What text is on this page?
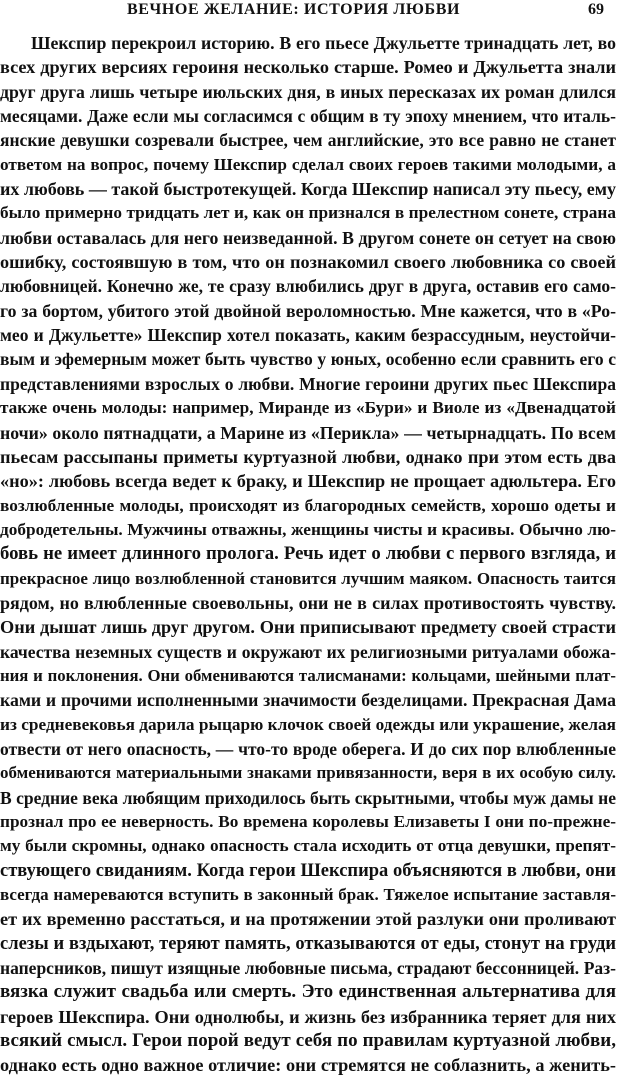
ВЕЧНОЕ ЖЕЛАНИЕ: ИСТОРИЯ ЛЮБВИ	69
Шекспир перекроил историю. В его пьесе Джульетте тринадцать лет, во
всех других версиях героиня несколько старше. Ромео и Джульетта знали
друг друга лишь четыре июльских дня, в иных пересказах их роман длился
месяцами. Даже если мы согласимся с общим в ту эпоху мнением, что италь-
янские девушки созревали быстрее, чем английские, это все равно не станет
ответом на вопрос, почему Шекспир сделал своих героев такими молодыми, а
их любовь — такой быстротекущей. Когда Шекспир написал эту пьесу, ему
было примерно тридцать лет и, как он признался в прелестном сонете, страна
любви оставалась для него неизведанной. В другом сонете он сетует на свою
ошибку, состоявшую в том, что он познакомил своего любовника со своей
любовницей. Конечно же, те сразу влюбились друг в друга, оставив его само-
го за бортом, убитого этой двойной вероломностью. Мне кажется, что в «Ро-
мео и Джульетте» Шекспир хотел показать, каким безрассудным, неустойчи-
вым и эфемерным может быть чувство у юных, особенно если сравнить его с
представлениями взрослых о любви. Многие героини других пьес Шекспира
также очень молоды: например, Миранде из «Бури» и Виоле из «Двенадцатой
ночи» около пятнадцати, а Марине из «Перикла» — четырнадцать. По всем
пьесам рассыпаны приметы куртуазной любви, однако при этом есть два
«но»: любовь всегда ведет к браку, и Шекспир не прощает адюльтера. Его
возлюбленные молоды, происходят из благородных семейств, хорошо одеты и
добродетельны. Мужчины отважны, женщины чисты и красивы. Обычно лю-
бовь не имеет длинного пролога. Речь идет о любви с первого взгляда, и
прекрасное лицо возлюбленной становится лучшим маяком. Опасность таится
рядом, но влюбленные своевольны, они не в силах противостоять чувству.
Они дышат лишь друг другом. Они приписывают предмету своей страсти
качества неземных существ и окружают их религиозными ритуалами обожа-
ния и поклонения. Они обмениваются талисманами: кольцами, шейными плат-
ками и прочими исполненными значимости безделицами. Прекрасная Дама
из средневековья дарила рыцарю клочок своей одежды или украшение, желая
отвести от него опасность, — что-то вроде оберега. И до сих пор влюбленные
обмениваются материальными знаками привязанности, веря в их особую силу.
В средние века любящим приходилось быть скрытными, чтобы муж дамы не
прознал про ее неверность. Во времена королевы Елизаветы I они по-прежне-
му были скромны, однако опасность стала исходить от отца девушки, препят-
ствующего свиданиям. Когда герои Шекспира объясняются в любви, они
всегда намереваются вступить в законный брак. Тяжелое испытание заставля-
ет их временно расстаться, и на протяжении этой разлуки они проливают
слезы и вздыхают, теряют память, отказываются от еды, стонут на груди
наперсников, пишут изящные любовные письма, страдают бессонницей. Раз-
вязка служит свадьба или смерть. Это единственная альтернатива для
героев Шекспира. Они однолюбы, и жизнь без избранника теряет для них
всякий смысл. Герои порой ведут себя по правилам куртуазной любви,
однако есть одно важное отличие: они стремятся не соблазнить, а женить-
